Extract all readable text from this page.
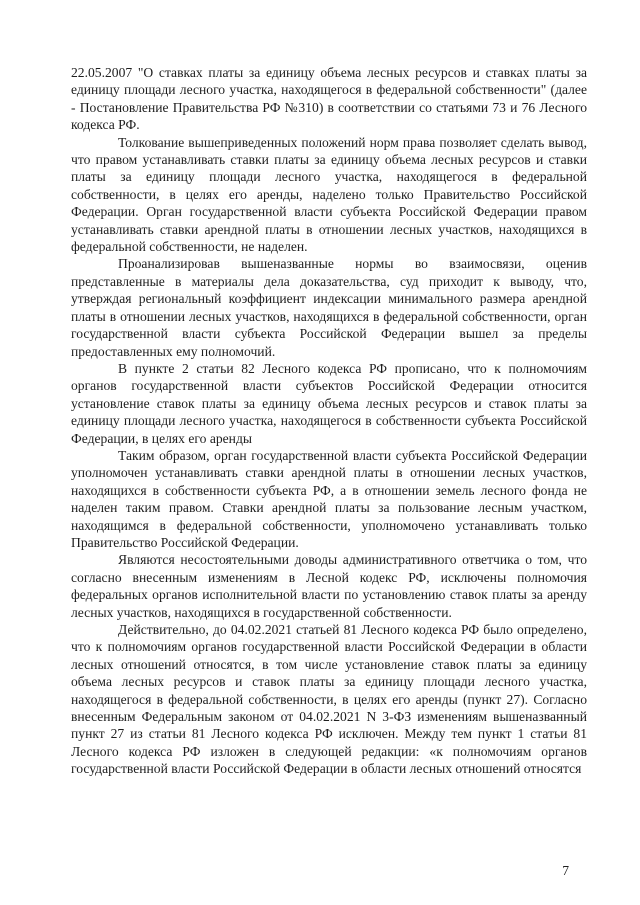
22.05.2007 "О ставках платы за единицу объема лесных ресурсов и ставках платы за единицу площади лесного участка, находящегося в федеральной собственности" (далее - Постановление Правительства РФ №310) в соответствии со статьями 73 и 76 Лесного кодекса РФ.

Толкование вышеприведенных положений норм права позволяет сделать вывод, что правом устанавливать ставки платы за единицу объема лесных ресурсов и ставки платы за единицу площади лесного участка, находящегося в федеральной собственности, в целях его аренды, наделено только Правительство Российской Федерации. Орган государственной власти субъекта Российской Федерации правом устанавливать ставки арендной платы в отношении лесных участков, находящихся в федеральной собственности, не наделен.

Проанализировав вышеназванные нормы во взаимосвязи, оценив представленные в материалы дела доказательства, суд приходит к выводу, что, утверждая региональный коэффициент индексации минимального размера арендной платы в отношении лесных участков, находящихся в федеральной собственности, орган государственной власти субъекта Российской Федерации вышел за пределы предоставленных ему полномочий.

В пункте 2 статьи 82 Лесного кодекса РФ прописано, что к полномочиям органов государственной власти субъектов Российской Федерации относится установление ставок платы за единицу объема лесных ресурсов и ставок платы за единицу площади лесного участка, находящегося в собственности субъекта Российской Федерации, в целях его аренды

Таким образом, орган государственной власти субъекта Российской Федерации уполномочен устанавливать ставки арендной платы в отношении лесных участков, находящихся в собственности субъекта РФ, а в отношении земель лесного фонда не наделен таким правом. Ставки арендной платы за пользование лесным участком, находящимся в федеральной собственности, уполномочено устанавливать только Правительство Российской Федерации.

Являются несостоятельными доводы административного ответчика о том, что согласно внесенным изменениям в Лесной кодекс РФ, исключены полномочия федеральных органов исполнительной власти по установлению ставок платы за аренду лесных участков, находящихся в государственной собственности.

Действительно, до 04.02.2021 статьей 81 Лесного кодекса РФ было определено, что к полномочиям органов государственной власти Российской Федерации в области лесных отношений относятся, в том числе установление ставок платы за единицу объема лесных ресурсов и ставок платы за единицу площади лесного участка, находящегося в федеральной собственности, в целях его аренды (пункт 27). Согласно внесенным Федеральным законом от 04.02.2021 N 3-ФЗ изменениям вышеназванный пункт 27 из статьи 81 Лесного кодекса РФ исключен. Между тем пункт 1 статьи 81 Лесного кодекса РФ изложен в следующей редакции: «к полномочиям органов государственной власти Российской Федерации в области лесных отношений относятся

7
